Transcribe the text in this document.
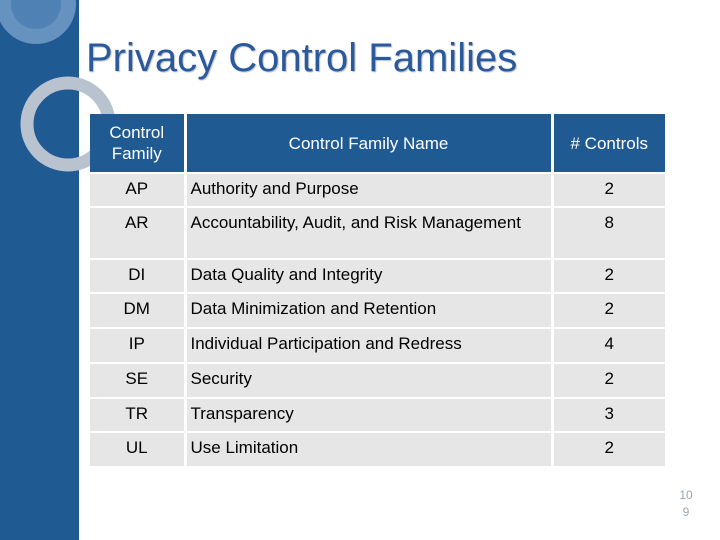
Privacy Control Families
Control
Family	Control Family Name	# Controls
AP	Authority and Purpose	2
AR	Accountability, Audit, and Risk Management	8
DI	Data Quality and Integrity	2
DM	Data Minimization and Retention	2
IP	Individual Participation and Redress	4
SE	Security	2
TR	Transparency	3
UL	Use Limitation	2
10
9
